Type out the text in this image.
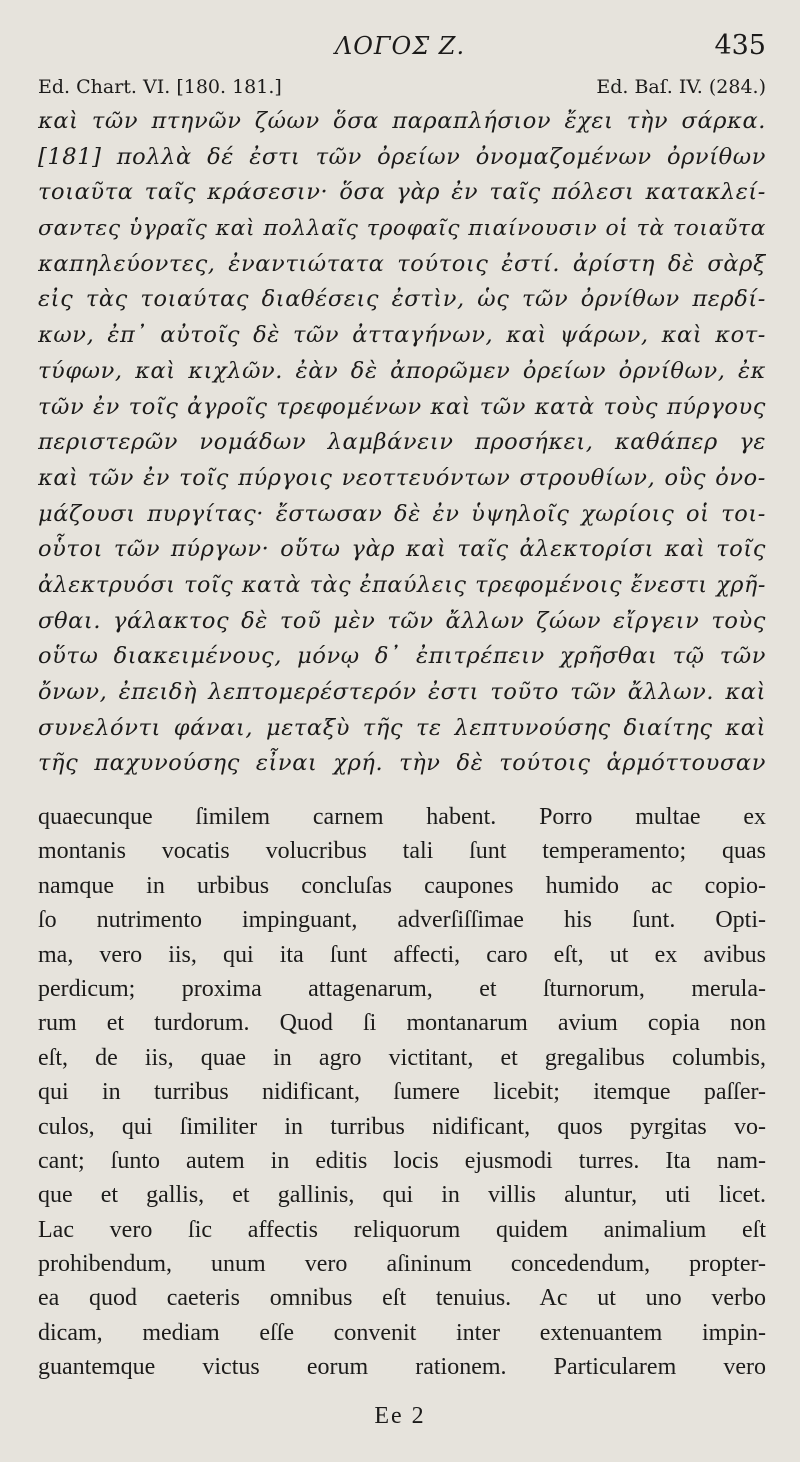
ΛΟΓΟΣ Ζ.	435
Ed. Chart. VI. [180. 181.]	Ed. Baſ. IV. (284.)
καὶ τῶν πτηνῶν ζώων ὅσα παραπλήσιον ἔχει τὴν σάρκα.
[181] πολλὰ δέ ἐστι τῶν ὀρείων ὀνομαζομένων ὀρνίθων
τοιαῦτα ταῖς κράσεσιν· ὅσα γὰρ ἐν ταῖς πόλεσι κατακλεί-
σαντες ὑγραῖς καὶ πολλαῖς τροφαῖς πιαίνουσιν οἱ τὰ τοιαῦτα
καπηλεύοντες, ἐναντιώτατα τούτοις ἐστί. ἀρίστη δὲ σὰρξ
εἰς τὰς τοιαύτας διαθέσεις ἐστὶν, ὡς τῶν ὀρνίθων περδί-
κων, ἐπ᾽ αὐτοῖς δὲ τῶν ἀτταγήνων, καὶ ψάρων, καὶ κοτ-
τύφων, καὶ κιχλῶν. ἐὰν δὲ ἀπορῶμεν ὀρείων ὀρνίθων, ἐκ
τῶν ἐν τοῖς ἀγροῖς τρεφομένων καὶ τῶν κατὰ τοὺς πύργους
περιστερῶν νομάδων λαμβάνειν προσήκει, καθάπερ γε
καὶ τῶν ἐν τοῖς πύργοις νεοττευόντων στρουθίων, οὓς ὀνο-
μάζουσι πυργίτας· ἔστωσαν δὲ ἐν ὑψηλοῖς χωρίοις οἱ τοι-
οὗτοι τῶν πύργων· οὕτω γὰρ καὶ ταῖς ἀλεκτορίσι καὶ τοῖς
ἀλεκτρυόσι τοῖς κατὰ τὰς ἐπαύλεις τρεφομένοις ἔνεστι χρῆ-
σθαι. γάλακτος δὲ τοῦ μὲν τῶν ἄλλων ζώων εἴργειν τοὺς
οὕτω διακειμένους, μόνῳ δ᾽ ἐπιτρέπειν χρῆσθαι τῷ τῶν
ὄνων, ἐπειδὴ λεπτομερέστερόν ἐστι τοῦτο τῶν ἄλλων. καὶ
συνελόντι φάναι, μεταξὺ τῆς τε λεπτυνούσης διαίτης καὶ
τῆς παχυνούσης εἶναι χρή. τὴν δὲ τούτοις ἁρμόττουσαν
quaecunque ſimilem carnem habent. Porro multae ex
montanis vocatis volucribus tali ſunt temperamento; quas
namque in urbibus concluſas caupones humido ac copio-
ſo nutrimento impinguant, adverſiſſimae his ſunt. Opti-
ma, vero iis, qui ita ſunt affecti, caro eſt, ut ex avibus
perdicum; proxima attagenarum, et ſturnorum, merula-
rum et turdorum. Quod ſi montanarum avium copia non
eſt, de iis, quae in agro victitant, et gregalibus columbis,
qui in turribus nidificant, ſumere licebit; itemque paſſer-
culos, qui ſimiliter in turribus nidificant, quos pyrgitas vo-
cant; ſunto autem in editis locis ejusmodi turres. Ita nam-
que et gallis, et gallinis, qui in villis aluntur, uti licet.
Lac vero ſic affectis reliquorum quidem animalium eſt
prohibendum, unum vero aſininum concedendum, propter-
ea quod caeteris omnibus eſt tenuius. Ac ut uno verbo
dicam, mediam eſſe convenit inter extenuantem impin-
guantemque victus eorum rationem. Particularem vero
Ee 2
